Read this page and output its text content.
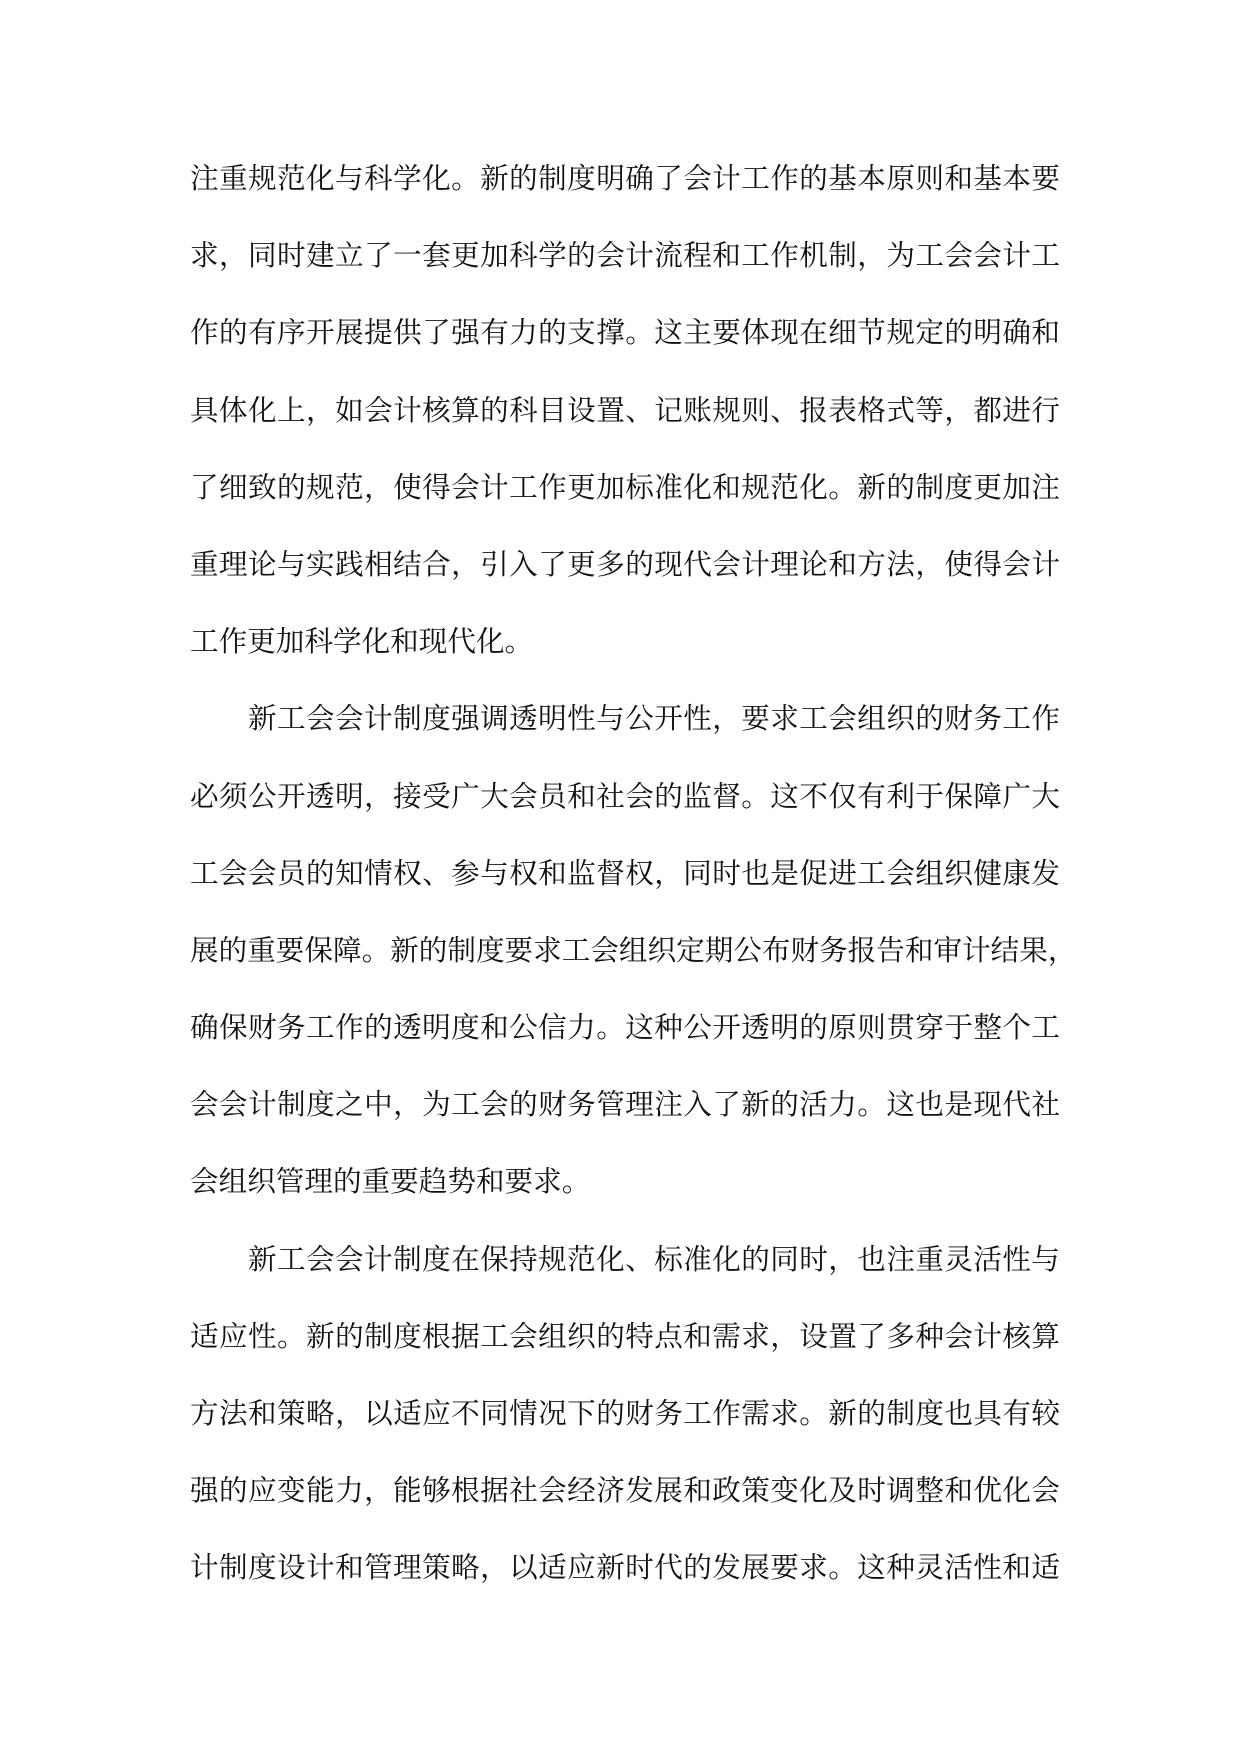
注重规范化与科学化。新的制度明确了会计工作的基本原则和基本要
求，同时建立了一套更加科学的会计流程和工作机制，为工会会计工
作的有序开展提供了强有力的支撑。这主要体现在细节规定的明确和
具体化上，如会计核算的科目设置、记账规则、报表格式等，都进行
了细致的规范，使得会计工作更加标准化和规范化。新的制度更加注
重理论与实践相结合，引入了更多的现代会计理论和方法，使得会计
工作更加科学化和现代化。
新工会会计制度强调透明性与公开性，要求工会组织的财务工作
必须公开透明，接受广大会员和社会的监督。这不仅有利于保障广大
工会会员的知情权、参与权和监督权，同时也是促进工会组织健康发
展的重要保障。新的制度要求工会组织定期公布财务报告和审计结果，
确保财务工作的透明度和公信力。这种公开透明的原则贯穿于整个工
会会计制度之中，为工会的财务管理注入了新的活力。这也是现代社
会组织管理的重要趋势和要求。
新工会会计制度在保持规范化、标准化的同时，也注重灵活性与
适应性。新的制度根据工会组织的特点和需求，设置了多种会计核算
方法和策略，以适应不同情况下的财务工作需求。新的制度也具有较
强的应变能力，能够根据社会经济发展和政策变化及时调整和优化会
计制度设计和管理策略，以适应新时代的发展要求。这种灵活性和适
